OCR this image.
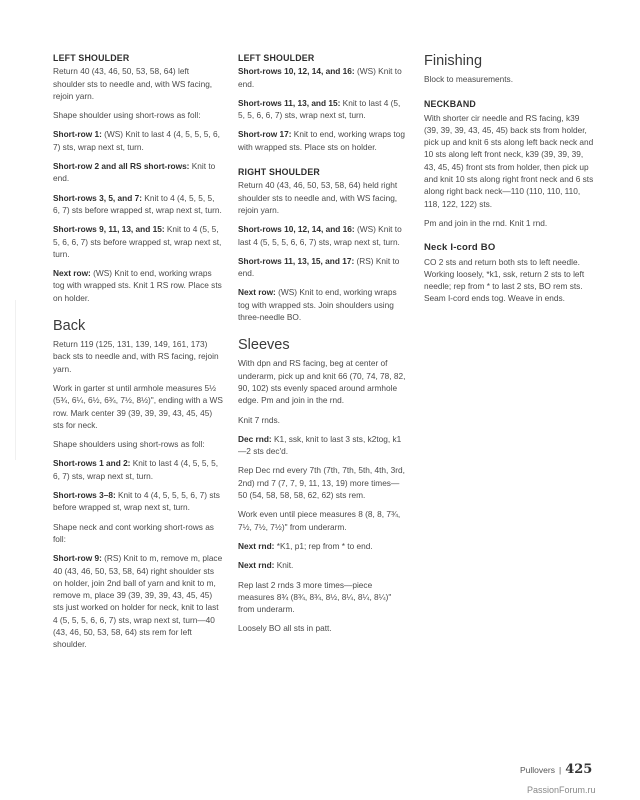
LEFT SHOULDER

Return 40 (43, 46, 50, 53, 58, 64) left shoulder sts to needle and, with WS facing, rejoin yarn.

Shape shoulder using short-rows as foll:

Short-row 1: (WS) Knit to last 4 (4, 5, 5, 5, 6, 7) sts, wrap next st, turn.

Short-row 2 and all RS short-rows: Knit to end.

Short-rows 3, 5, and 7: Knit to 4 (4, 5, 5, 5, 6, 7) sts before wrapped st, wrap next st, turn.

Short-rows 9, 11, 13, and 15: Knit to 4 (5, 5, 5, 6, 6, 7) sts before wrapped st, wrap next st, turn.

Next row: (WS) Knit to end, working wraps tog with wrapped sts. Knit 1 RS row. Place sts on holder.

Back

Return 119 (125, 131, 139, 149, 161, 173) back sts to needle and, with RS facing, rejoin yarn.

Work in garter st until armhole measures 5½ (5¾, 6¼, 6½, 6¾, 7½, 8½)", ending with a WS row. Mark center 39 (39, 39, 39, 43, 45, 45) sts for neck.

Shape shoulders using short-rows as foll:

Short-rows 1 and 2: Knit to last 4 (4, 5, 5, 5, 6, 7) sts, wrap next st, turn.

Short-rows 3–8: Knit to 4 (4, 5, 5, 5, 6, 7) sts before wrapped st, wrap next st, turn.

Shape neck and cont working short-rows as foll:

Short-row 9: (RS) Knit to m, remove m, place 40 (43, 46, 50, 53, 58, 64) right shoulder sts on holder, join 2nd ball of yarn and knit to m, remove m, place 39 (39, 39, 39, 43, 45, 45) sts just worked on holder for neck, knit to last 4 (5, 5, 5, 6, 6, 7) sts, wrap next st, turn—40 (43, 46, 50, 53, 58, 64) sts rem for left shoulder.

LEFT SHOULDER

Short-rows 10, 12, 14, and 16: (WS) Knit to end.

Short-rows 11, 13, and 15: Knit to last 4 (5, 5, 5, 6, 6, 7) sts, wrap next st, turn.

Short-row 17: Knit to end, working wraps tog with wrapped sts. Place sts on holder.

RIGHT SHOULDER

Return 40 (43, 46, 50, 53, 58, 64) held right shoulder sts to needle and, with WS facing, rejoin yarn.

Short-rows 10, 12, 14, and 16: (WS) Knit to last 4 (5, 5, 5, 6, 6, 7) sts, wrap next st, turn.

Short-rows 11, 13, 15, and 17: (RS) Knit to end.

Next row: (WS) Knit to end, working wraps tog with wrapped sts. Join shoulders using three-needle BO.

Sleeves

With dpn and RS facing, beg at center of underarm, pick up and knit 66 (70, 74, 78, 82, 90, 102) sts evenly spaced around armhole edge. Pm and join in the rnd.

Knit 7 rnds.

Dec rnd: K1, ssk, knit to last 3 sts, k2tog, k1—2 sts dec'd.

Rep Dec rnd every 7th (7th, 7th, 5th, 4th, 3rd, 2nd) rnd 7 (7, 7, 9, 11, 13, 19) more times—50 (54, 58, 58, 58, 62, 62) sts rem.

Work even until piece measures 8 (8, 8, 7¾, 7½, 7½, 7½)" from underarm.

Next rnd: *K1, p1; rep from * to end.

Next rnd: Knit.

Rep last 2 rnds 3 more times—piece measures 8¾ (8¾, 8¾, 8½, 8¼, 8¼, 8¼)" from underarm.

Loosely BO all sts in patt.

Finishing

Block to measurements.

NECKBAND

With shorter cir needle and RS facing, k39 (39, 39, 39, 43, 45, 45) back sts from holder, pick up and knit 6 sts along left back neck and 10 sts along left front neck, k39 (39, 39, 39, 43, 45, 45) front sts from holder, then pick up and knit 10 sts along right front neck and 6 sts along right back neck—110 (110, 110, 110, 118, 122, 122) sts.

Pm and join in the rnd. Knit 1 rnd.

Neck I-cord BO

CO 2 sts and return both sts to left needle. Working loosely, *k1, ssk, return 2 sts to left needle; rep from * to last 2 sts, BO rem sts. Seam I-cord ends tog. Weave in ends.

Pullovers | 425
PassionForum.ru
